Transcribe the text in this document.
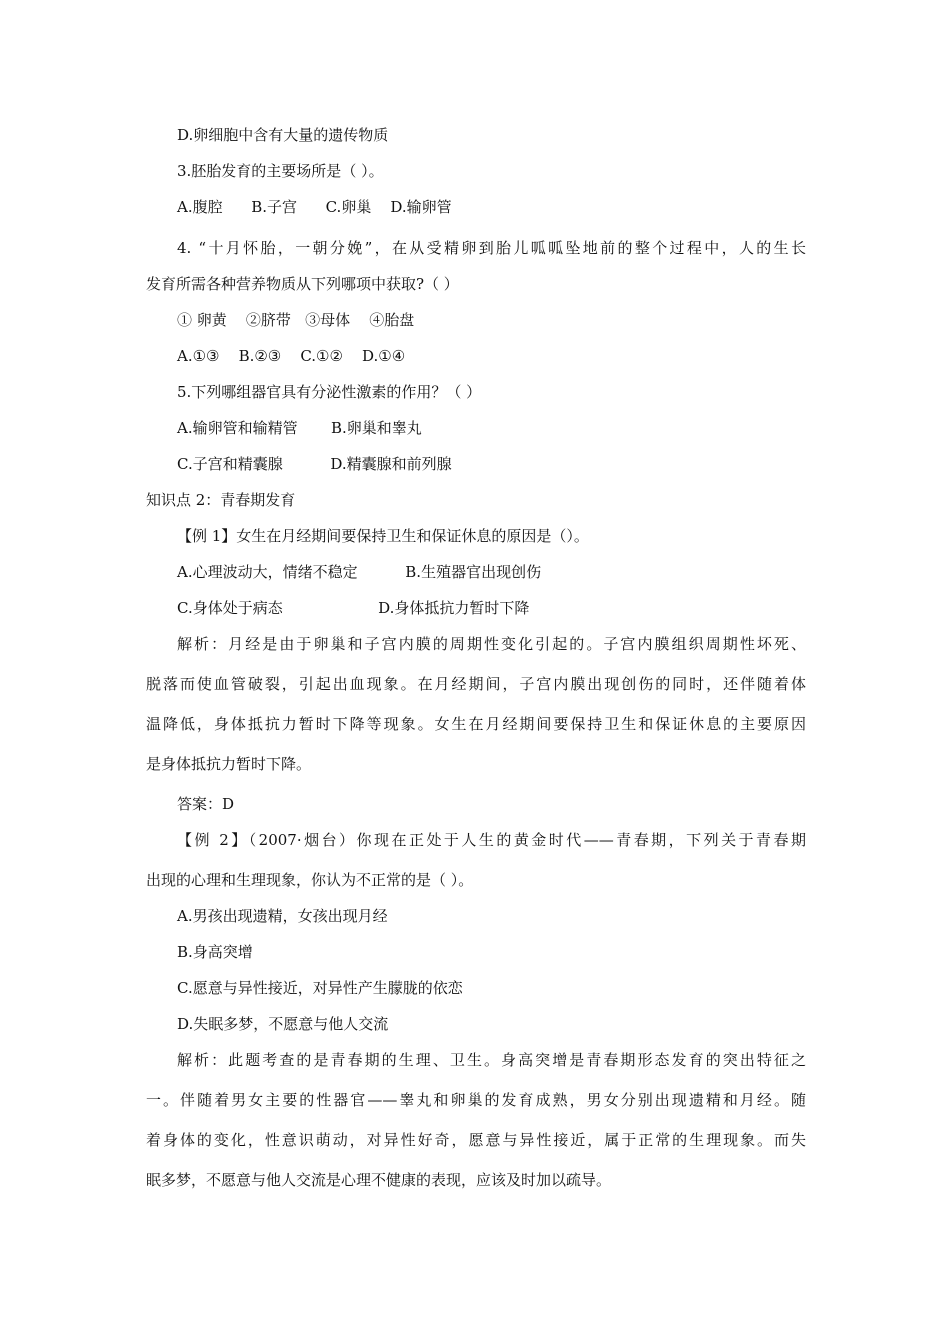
D.卵细胞中含有大量的遗传物质
3.胚胎发育的主要场所是（ ）。
A.腹腔      B.子宫      C.卵巢    D.输卵管
4. “十月怀胎，一朝分娩”，在从受精卵到胎儿呱呱坠地前的整个过程中，人的生长
发育所需各种营养物质从下列哪项中获取?（ ）
① 卵黄    ②脐带   ③母体    ④胎盘
A.①③    B.②③    C.①②    D.①④
5.下列哪组器官具有分泌性激素的作用？（ ）
A.输卵管和输精管       B.卵巢和睾丸
C.子宫和精囊腺          D.精囊腺和前列腺
知识点 2：青春期发育
【例 1】女生在月经期间要保持卫生和保证休息的原因是（）。
A.心理波动大，情绪不稳定          B.生殖器官出现创伤
C.身体处于病态                    D.身体抵抗力暂时下降
解析：月经是由于卵巢和子宫内膜的周期性变化引起的。子宫内膜组织周期性坏死、
脱落而使血管破裂，引起出血现象。在月经期间，子宫内膜出现创伤的同时，还伴随着体
温降低，身体抵抗力暂时下降等现象。女生在月经期间要保持卫生和保证休息的主要原因
是身体抵抗力暂时下降。
答案：D
【例 2】（2007·烟台）你现在正处于人生的黄金时代——青春期，下列关于青春期
出现的心理和生理现象，你认为不正常的是（ ）。
A.男孩出现遗精，女孩出现月经
B.身高突增
C.愿意与异性接近，对异性产生朦胧的依恋
D.失眠多梦，不愿意与他人交流
解析：此题考查的是青春期的生理、卫生。身高突增是青春期形态发育的突出特征之
一。伴随着男女主要的性器官——睾丸和卵巢的发育成熟，男女分别出现遗精和月经。随
着身体的变化，性意识萌动，对异性好奇，愿意与异性接近，属于正常的生理现象。而失
眠多梦，不愿意与他人交流是心理不健康的表现，应该及时加以疏导。
